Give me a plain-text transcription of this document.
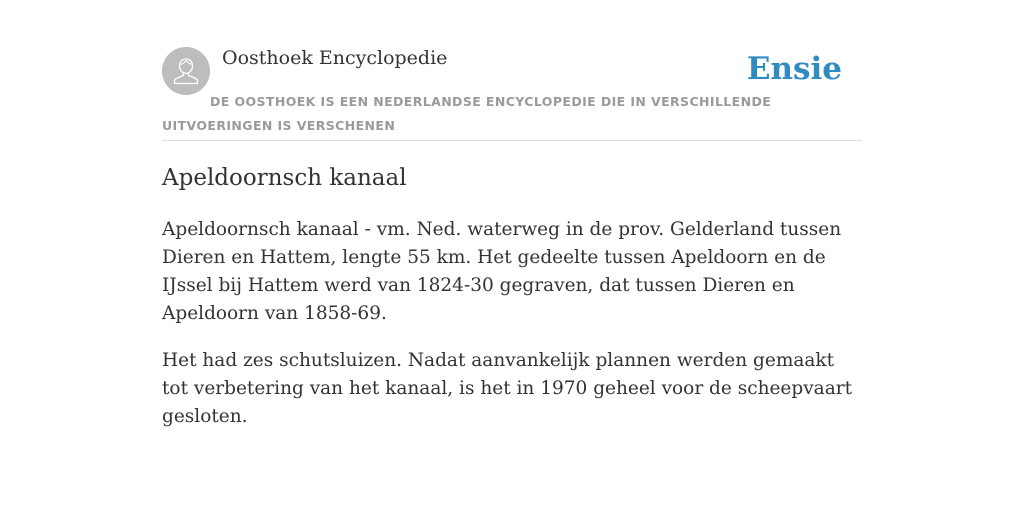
Oosthoek Encyclopedie	Ensie
DE OOSTHOEK IS EEN NEDERLANDSE ENCYCLOPEDIE DIE IN VERSCHILLENDE UITVOERINGEN IS VERSCHENEN
Apeldoornsch kanaal

Apeldoornsch kanaal - vm. Ned. waterweg in de prov. Gelderland tussen Dieren en Hattem, lengte 55 km. Het gedeelte tussen Apeldoorn en de IJssel bij Hattem werd van 1824-30 gegraven, dat tussen Dieren en Apeldoorn van 1858-69.

Het had zes schutsluizen. Nadat aanvankelijk plannen werden gemaakt tot verbetering van het kanaal, is het in 1970 geheel voor de scheepvaart gesloten.
